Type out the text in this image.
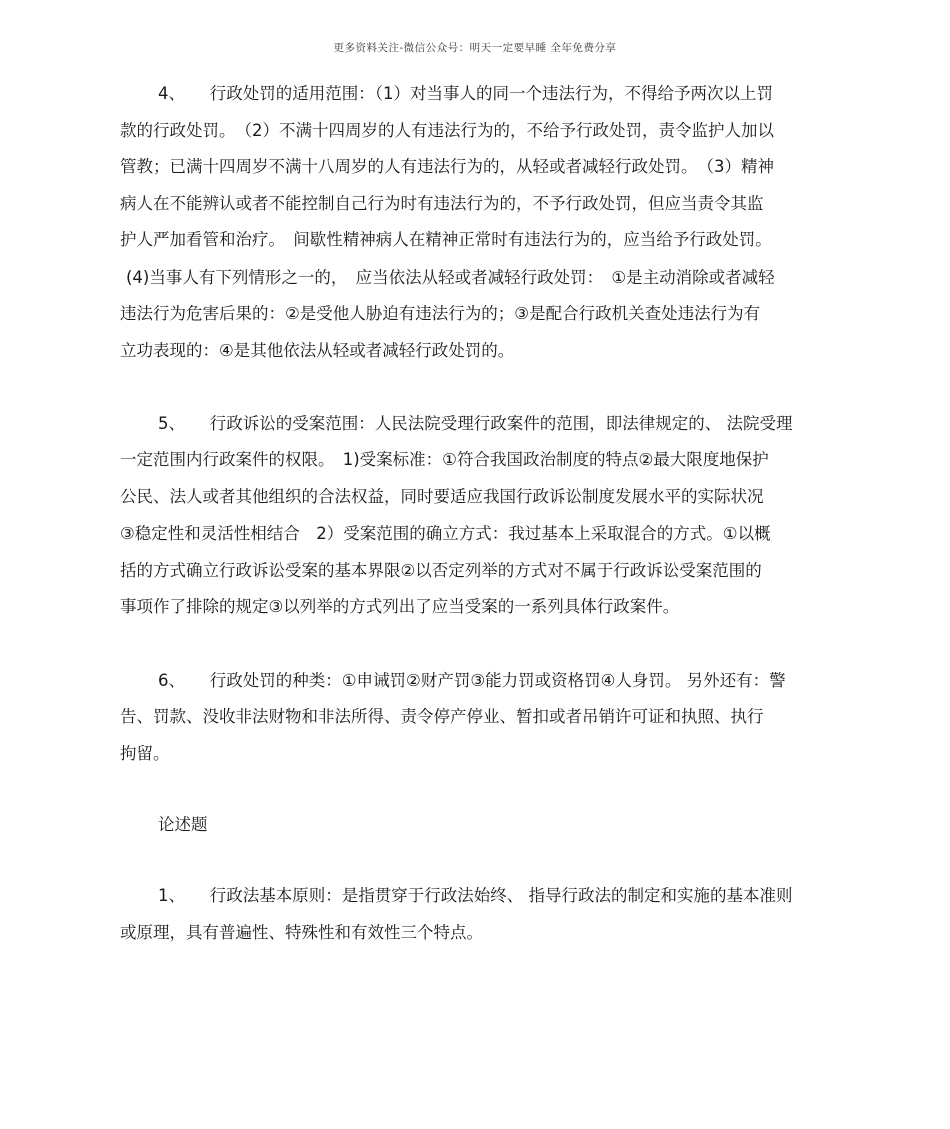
更多资料关注-微信公众号：明天一定要早睡 全年免费分享
4、　　行政处罚的适用范围：（1）对当事人的同一个违法行为，不得给予两次以上罚
款的行政处罚。　（2）不满十四周岁的人有违法行为的，不给予行政处罚，责令监护人加以
管教；已满十四周岁不满十八周岁的人有违法行为的，从轻或者减轻行政处罚。　（3）精神
病人在不能辨认或者不能控制自己行为时有违法行为的，不予行政处罚，但应当责令其监
护人严加看管和治疗。　间歇性精神病人在精神正常时有违法行为的，应当给予行政处罚。
(4)当事人有下列情形之一的，　应当依法从轻或者减轻行政处罚：　①是主动消除或者减轻
违法行为危害后果的：②是受他人胁迫有违法行为的；③是配合行政机关查处违法行为有
立功表现的：④是其他依法从轻或者减轻行政处罚的。
5、　　行政诉讼的受案范围：人民法院受理行政案件的范围，即法律规定的、 法院受理
一定范围内行政案件的权限。　1)受案标准：①符合我国政治制度的特点②最大限度地保护
公民、法人或者其他组织的合法权益，同时要适应我国行政诉讼制度发展水平的实际状况
③稳定性和灵活性相结合　2）受案范围的确立方式：我过基本上采取混合的方式。①以概
括的方式确立行政诉讼受案的基本界限②以否定列举的方式对不属于行政诉讼受案范围的
事项作了排除的规定③以列举的方式列出了应当受案的一系列具体行政案件。
6、　　行政处罚的种类：①申诫罚②财产罚③能力罚或资格罚④人身罚。 另外还有：警
告、罚款、没收非法财物和非法所得、责令停产停业、暂扣或者吊销许可证和执照、执行
拘留。
论述题
1、　　行政法基本原则：是指贯穿于行政法始终、 指导行政法的制定和实施的基本准则
或原理，具有普遍性、特殊性和有效性三个特点。
